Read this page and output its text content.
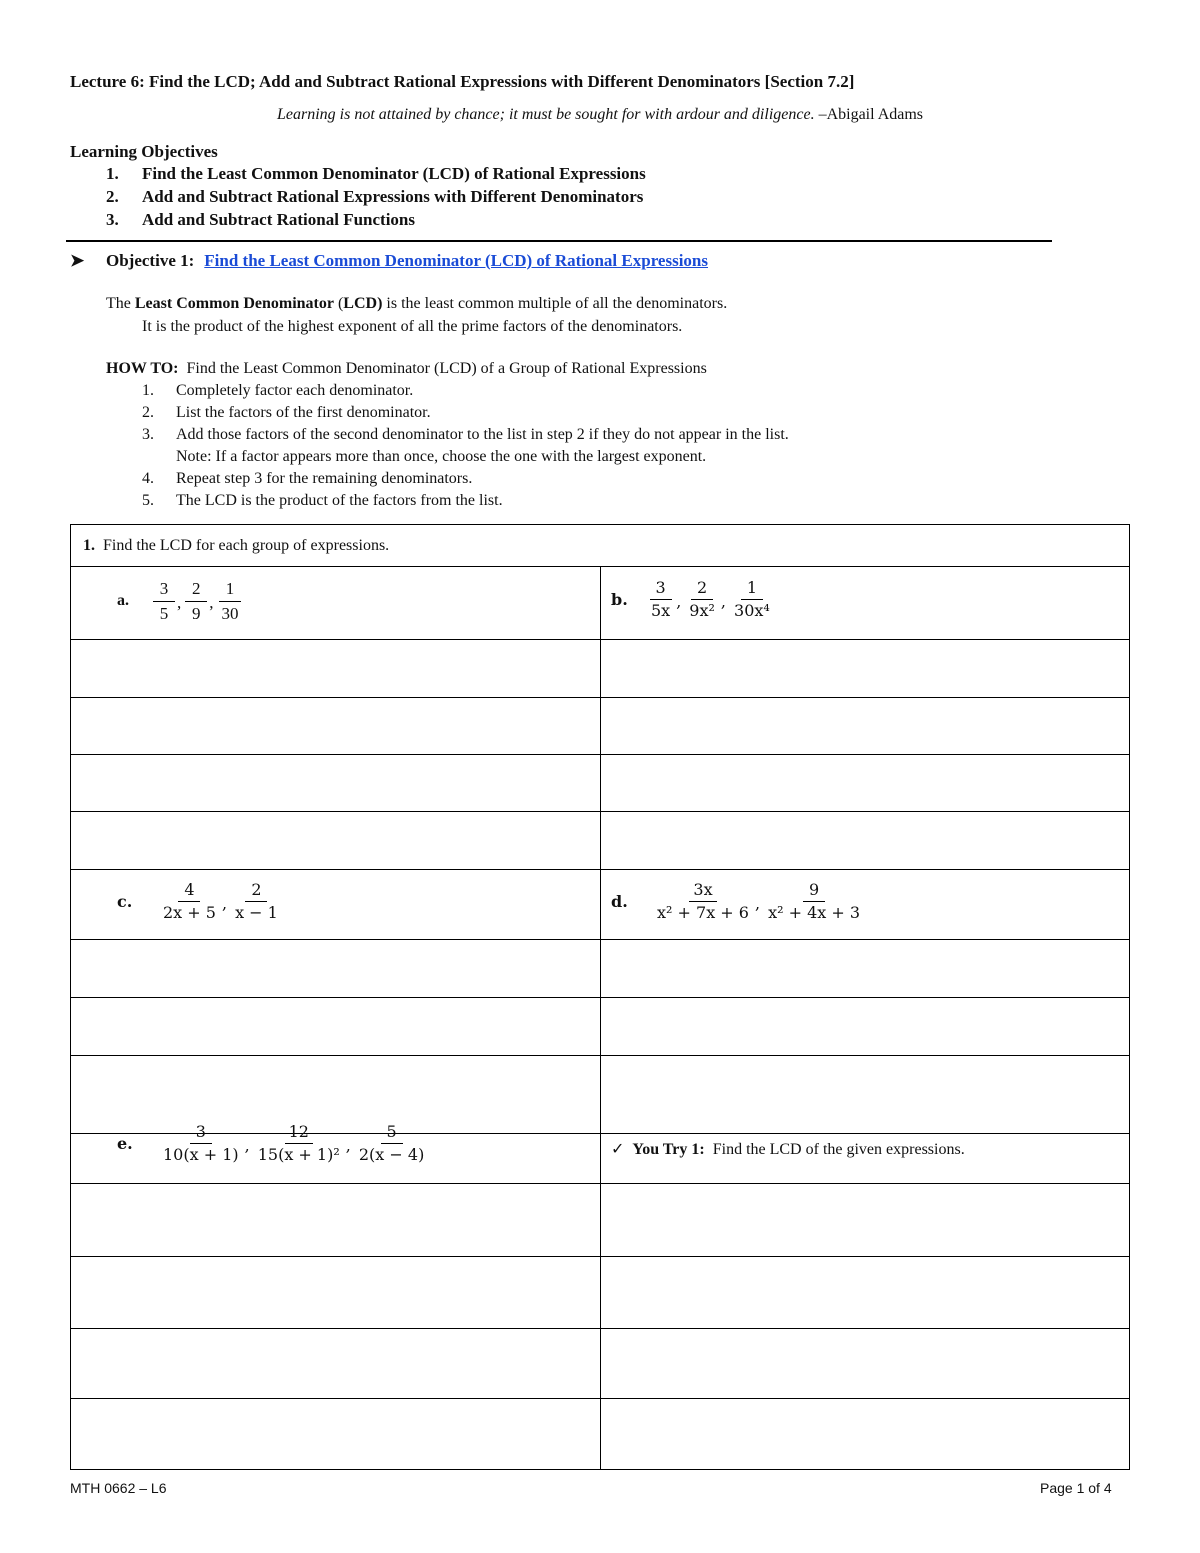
Lecture 6: Find the LCD; Add and Subtract Rational Expressions with Different Denominators [Section 7.2]
Learning is not attained by chance; it must be sought for with ardour and diligence. –Abigail Adams
Learning Objectives
1. Find the Least Common Denominator (LCD) of Rational Expressions
2. Add and Subtract Rational Expressions with Different Denominators
3. Add and Subtract Rational Functions
➤ Objective 1: Find the Least Common Denominator (LCD) of Rational Expressions
The Least Common Denominator (LCD) is the least common multiple of all the denominators.
It is the product of the highest exponent of all the prime factors of the denominators.
HOW TO: Find the Least Common Denominator (LCD) of a Group of Rational Expressions
1. Completely factor each denominator.
2. List the factors of the first denominator.
3. Add those factors of the second denominator to the list in step 2 if they do not appear in the list.
Note: If a factor appears more than once, choose the one with the largest exponent.
4. Repeat step 3 for the remaining denominators.
5. The LCD is the product of the factors from the list.
1. Find the LCD for each group of expressions.
a.	$\frac{3}{5}$ , $\frac{2}{9}$ , $\frac{1}{30}$	b.	$\frac{3}{5x}$ , $\frac{2}{\text{9x²}}$ , $\frac{1}{\text{30x⁴}}$
c.	$\frac{4}{2x + 5}$ , $\frac{2}{x - 1}$	d.	$\frac{3x}{\text{x² + 7x + 6}}$ , $\frac{9}{\text{x² + 4x + 3}}$
e.	$\frac{3}{10(x + 1)}$ , $\frac{12}{\text{15(x + 1)²}}$ , $\frac{5}{2(x - 4)}$	✓ You Try 1: Find the LCD of the given expressions.
MTH 0662 – L6	Page 1 of 4
